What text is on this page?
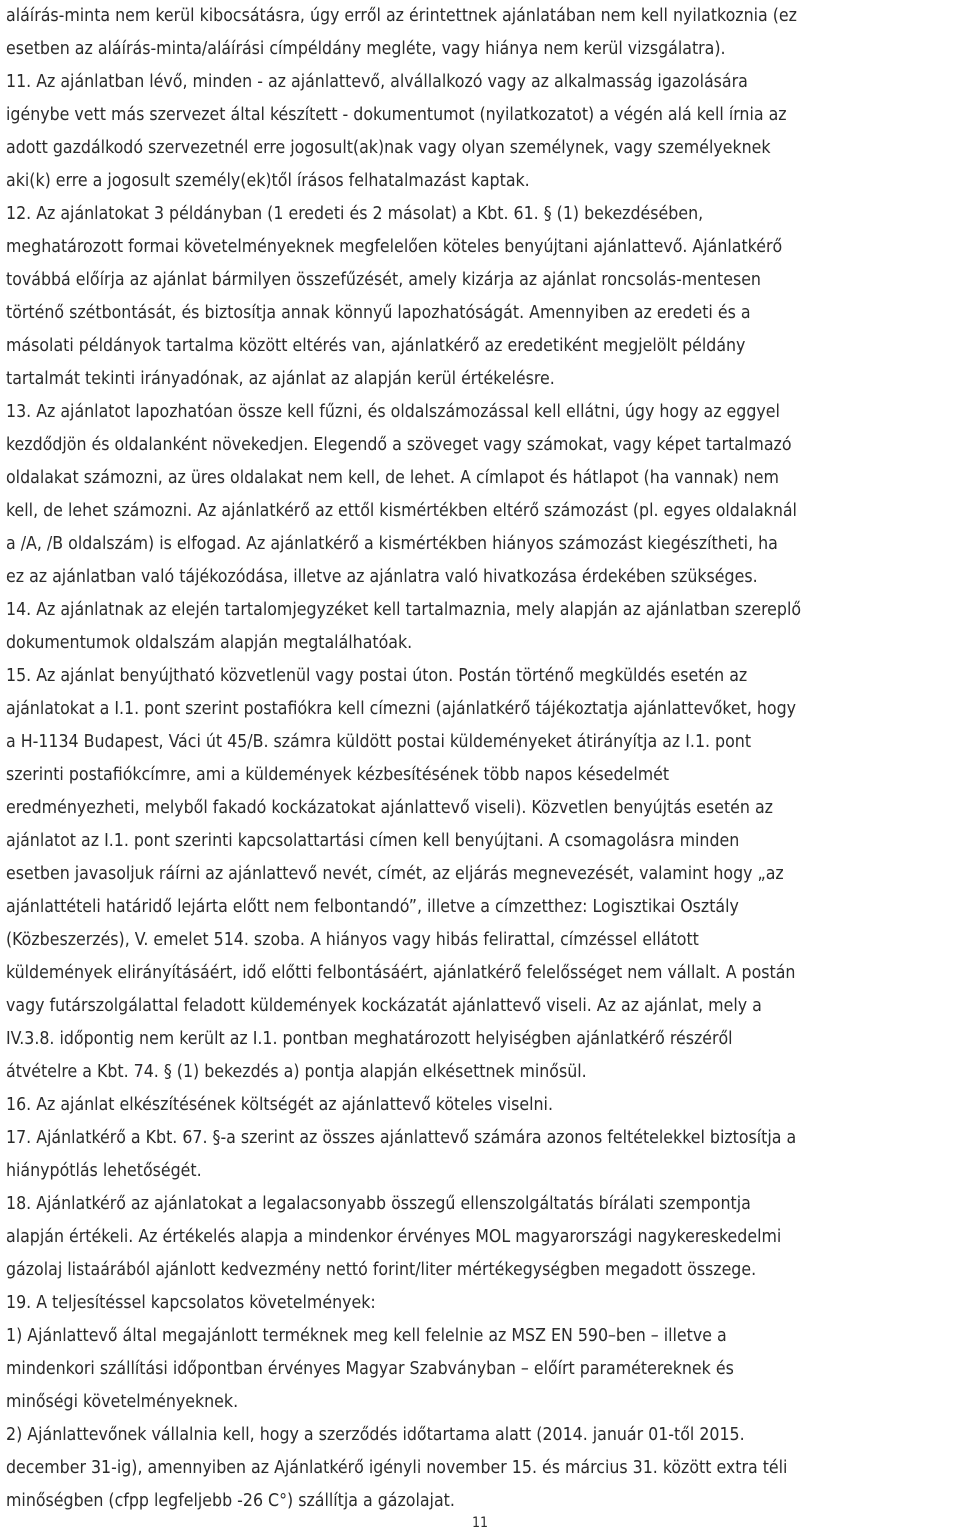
aláírás-minta nem kerül kibocsátásra, úgy erről az érintettnek ajánlatában nem kell nyilatkoznia (ez
esetben az aláírás-minta/aláírási címpéldány megléte, vagy hiánya nem kerül vizsgálatra).
11. Az ajánlatban lévő, minden - az ajánlattevő, alvállalkozó vagy az alkalmasság igazolására
igénybe vett más szervezet által készített - dokumentumot (nyilatkozatot) a végén alá kell írnia az
adott gazdálkodó szervezetnél erre jogosult(ak)nak vagy olyan személynek, vagy személyeknek
aki(k) erre a jogosult személy(ek)től írásos felhatalmazást kaptak.
12. Az ajánlatokat 3 példányban (1 eredeti és 2 másolat) a Kbt. 61. § (1) bekezdésében,
meghatározott formai követelményeknek megfelelően köteles benyújtani ajánlattevő. Ajánlatkérő
továbbá előírja az ajánlat bármilyen összefűzését, amely kizárja az ajánlat roncsolás-mentesen
történő szétbontását, és biztosítja annak könnyű lapozhatóságát. Amennyiben az eredeti és a
másolati példányok tartalma között eltérés van, ajánlatkérő az eredetiként megjelölt példány
tartalmát tekinti irányadónak, az ajánlat az alapján kerül értékelésre.
13. Az ajánlatot lapozhatóan össze kell fűzni, és oldalszámozással kell ellátni, úgy hogy az eggyel
kezdődjön és oldalanként növekedjen. Elegendő a szöveget vagy számokat, vagy képet tartalmazó
oldalakat számozni, az üres oldalakat nem kell, de lehet. A címlapot és hátlapot (ha vannak) nem
kell, de lehet számozni. Az ajánlatkérő az ettől kismértékben eltérő számozást (pl. egyes oldalaknál
a /A, /B oldalszám) is elfogad. Az ajánlatkérő a kismértékben hiányos számozást kiegészítheti, ha
ez az ajánlatban való tájékozódása, illetve az ajánlatra való hivatkozása érdekében szükséges.
14. Az ajánlatnak az elején tartalomjegyzéket kell tartalmaznia, mely alapján az ajánlatban szereplő
dokumentumok oldalszám alapján megtalálhatóak.
15. Az ajánlat benyújtható közvetlenül vagy postai úton. Postán történő megküldés esetén az
ajánlatokat a I.1. pont szerint postafiókra kell címezni (ajánlatkérő tájékoztatja ajánlattevőket, hogy
a H-1134 Budapest, Váci út 45/B. számra küldött postai küldeményeket átirányítja az I.1. pont
szerinti postafiókcímre, ami a küldemények kézbesítésének több napos késedelmét
eredményezheti, melyből fakadó kockázatokat ajánlattevő viseli). Közvetlen benyújtás esetén az
ajánlatot az I.1. pont szerinti kapcsolattartási címen kell benyújtani. A csomagolásra minden
esetben javasoljuk ráírni az ajánlattevő nevét, címét, az eljárás megnevezését, valamint hogy „az
ajánlattételi határidő lejárta előtt nem felbontandó”, illetve a címzetthez: Logisztikai Osztály
(Közbeszerzés), V. emelet 514. szoba. A hiányos vagy hibás felirattal, címzéssel ellátott
küldemények elirányításáért, idő előtti felbontásáért, ajánlatkérő felelősséget nem vállalt. A postán
vagy futárszolgálattal feladott küldemények kockázatát ajánlattevő viseli. Az az ajánlat, mely a
IV.3.8. időpontig nem került az I.1. pontban meghatározott helyiségben ajánlatkérő részéről
átvételre a Kbt. 74. § (1) bekezdés a) pontja alapján elkésettnek minősül.
16. Az ajánlat elkészítésének költségét az ajánlattevő köteles viselni.
17. Ajánlatkérő a Kbt. 67. §-a szerint az összes ajánlattevő számára azonos feltételekkel biztosítja a
hiánypótlás lehetőségét.
18. Ajánlatkérő az ajánlatokat a legalacsonyabb összegű ellenszolgáltatás bírálati szempontja
alapján értékeli. Az értékelés alapja a mindenkor érvényes MOL magyarországi nagykereskedelmi
gázolaj listaárából ajánlott kedvezmény nettó forint/liter mértékegységben megadott összege.
19. A teljesítéssel kapcsolatos követelmények:
1) Ajánlattevő által megajánlott terméknek meg kell felelnie az MSZ EN 590–ben – illetve a
mindenkori szállítási időpontban érvényes Magyar Szabványban – előírt paramétereknek és
minőségi követelményeknek.
2) Ajánlattevőnek vállalnia kell, hogy a szerződés időtartama alatt (2014. január 01-től 2015.
december 31-ig), amennyiben az Ajánlatkérő igényli november 15. és március 31. között extra téli
minőségben (cfpp legfeljebb -26 C°) szállítja a gázolajat.
11
